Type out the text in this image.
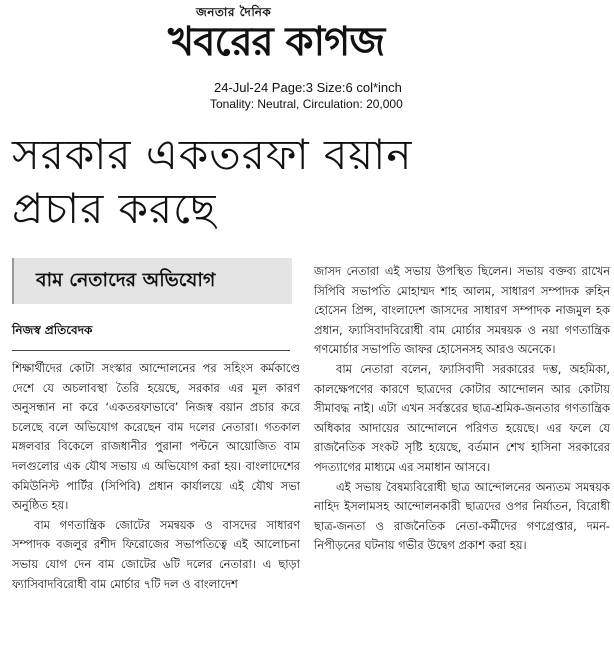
জনতার দৈনিক
খবরের কাগজ
24-Jul-24 Page:3 Size:6 col*inch
Tonality: Neutral, Circulation: 20,000
সরকার একতরফা বয়ান
প্রচার করছে
বাম নেতাদের অভিযোগ
নিজস্ব প্রতিবেদক

শিক্ষার্থীদের কোটা সংস্কার আন্দোলনের পর সহিংস কর্মকাণ্ডে দেশে যে অচলাবস্থা তৈরি হয়েছে, সরকার এর মূল কারণ অনুসন্ধান না করে ‘একতরফাভাবে’ নিজস্ব বয়ান প্রচার করে চলেছে বলে অভিযোগ করেছেন বাম দলের নেতারা। গতকাল মঙ্গলবার বিকেলে রাজধানীর পুরানা পল্টনে আয়োজিত বাম দলগুলোর এক যৌথ সভায় এ অভিযোগ করা হয়। বাংলাদেশের কমিউনিস্ট পার্টির (সিপিবি) প্রধান কার্যালয়ে এই যৌথ সভা অনুষ্ঠিত হয়।

বাম গণতান্ত্রিক জোটের সমন্বয়ক ও বাসদের সাধারণ সম্পাদক বজলুর রশীদ ফিরোজের সভাপতিত্বে এই আলোচনা সভায় যোগ দেন বাম জোটের ৬টি দলের নেতারা। এ ছাড়া ফ্যাসিবাদবিরোধী বাম মোর্চার ৭টি দল ও বাংলাদেশ

জাসদ নেতারা এই সভায় উপস্থিত ছিলেন। সভায় বক্তব্য রাখেন সিপিবি সভাপতি মোহাম্মদ শাহ আলম, সাধারণ সম্পাদক রুহিন হোসেন প্রিন্স, বাংলাদেশ জাসদের সাধারণ সম্পাদক নাজমুল হক প্রধান, ফ্যাসিবাদবিরোধী বাম মোর্চার সমন্বয়ক ও নয়া গণতান্ত্রিক গণমোর্চার সভাপতি জাফর হোসেনসহ আরও অনেকে।

বাম নেতারা বলেন, ফ্যাসিবাদী সরকারের দম্ভ, অহমিকা, কালক্ষেপণের কারণে ছাত্রদের কোটার আন্দোলন আর কোটায় সীমাবদ্ধ নাই। এটা এখন সর্বস্তরের ছাত্র-শ্রমিক-জনতার গণতান্ত্রিক অধিকার আদায়ের আন্দোলনে পরিণত হয়েছে। এর ফলে যে রাজনৈতিক সংকট সৃষ্টি হয়েছে, বর্তমান শেখ হাসিনা সরকারের পদত্যাগের মাধ্যমে এর সমাধান আসবে।

এই সভায় বৈষম্যবিরোধী ছাত্র আন্দোলনের অন্যতম সমন্বয়ক নাহিদ ইসলামসহ আন্দোলনকারী ছাত্রদের ওপর নির্যাতন, বিরোধী ছাত্র-জনতা ও রাজনৈতিক নেতা-কর্মীদের গণগ্রেপ্তার, দমন-নিপীড়নের ঘটনায় গভীর উদ্বেগ প্রকাশ করা হয়।
